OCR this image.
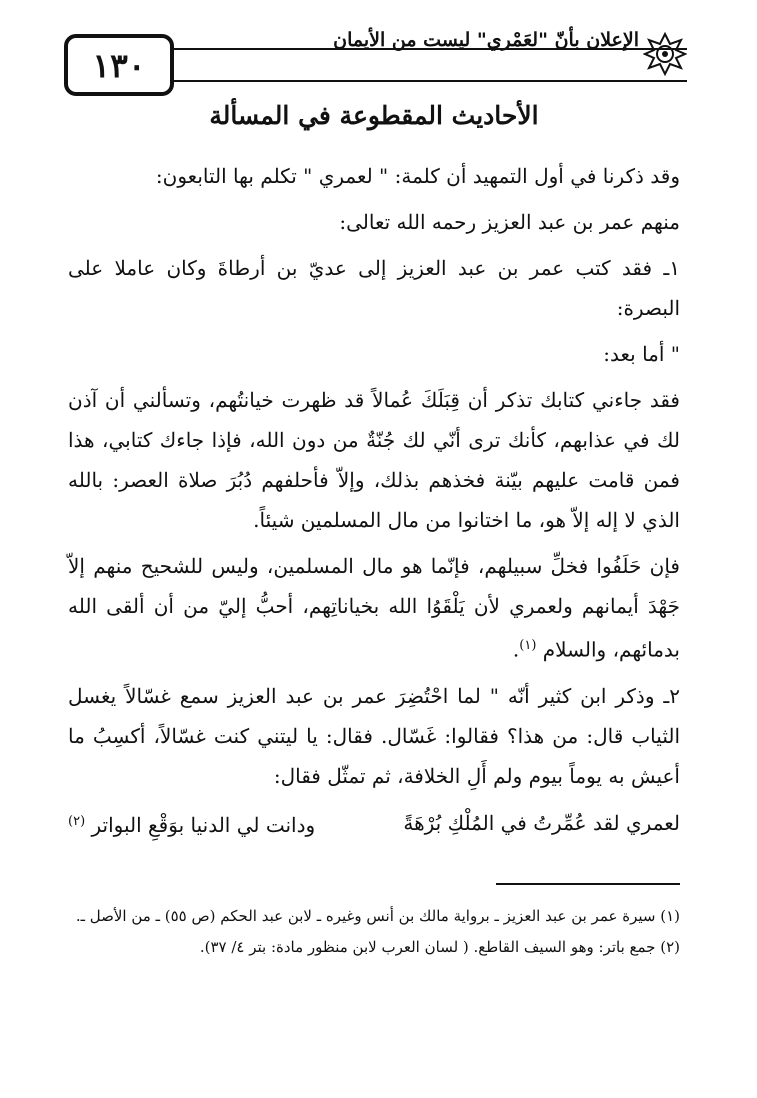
١٣٠
الإعلان بأنّ "لعَمْري" ليست من الأيمان
الأحاديث المقطوعة في المسألة

وقد ذكرنا في أول التمهيد أن كلمة: " لعمري " تكلم بها التابعون:

منهم عمر بن عبد العزيز رحمه الله تعالى:

١ـ فقد كتب عمر بن عبد العزيز إلى عديّ بن أرطاةَ وكان عاملا على البصرة:

" أما بعد:

فقد جاءني كتابك تذكر أن قِبَلَكَ عُمالاً قد ظهرت خيانتُهم، وتسألني أن آذن لك في عذابهم، كأنك ترى أنّي لك جُنّةٌ من دون الله، فإذا جاءك كتابي، هذا فمن قامت عليهم بيّنة فخذهم بذلك، وإلاّ فأحلفهم دُبُرَ صلاة العصر: بالله الذي لا إله إلاّ هو، ما اختانوا من مال المسلمين شيئاً.

فإن حَلَفُوا فخلِّ سبيلهم، فإنّما هو مال المسلمين، وليس للشحيح منهم إلاّ جَهْدَ أيمانهم ولعمري لأن يَلْقَوُا الله بخياناتِهم، أحبُّ إليّ من أن ألقى الله بدمائهم، والسلام $^{(١)}$.

٢ـ وذكر ابن كثير أنّه " لما احْتُضِرَ عمر بن عبد العزيز سمع غسّالاً يغسل الثياب قال: من هذا؟ فقالوا: غَسّال. فقال: يا ليتني كنت غسّالاً، أكسِبُ ما أعيش به يوماً بيوم ولم أَلِ الخلافة، ثم تمثّل فقال:

لعمري لقد عُمِّرتُ في المُلْكِ بُرْهَةً
ودانت لي الدنيا بوَقْعِ البواتر (٢)

(١) سيرة عمر بن عبد العزيز ـ برواية مالك بن أنس وغيره ـ لابن عبد الحكم (ص ٥٥) ـ من الأصل ـ.

(٢) جمع باتر: وهو السيف القاطع. ( لسان العرب لابن منظور مادة: بتر ٤/ ٣٧).
